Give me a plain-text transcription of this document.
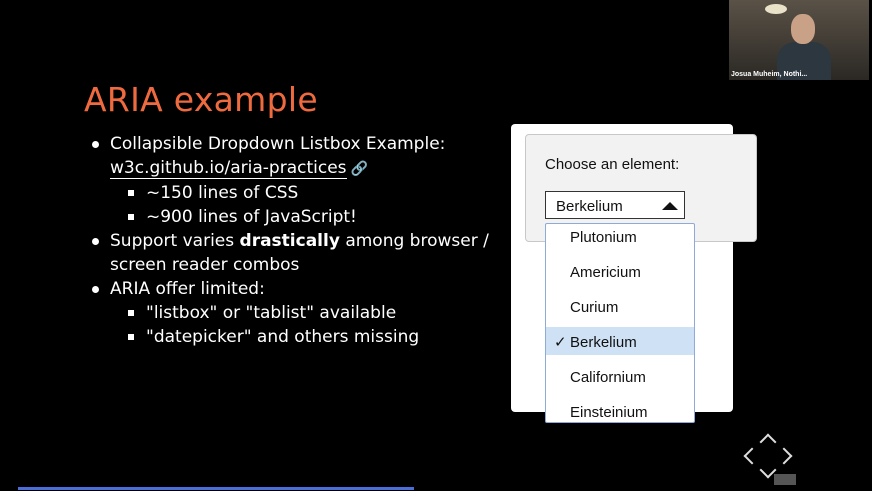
ARIA example
Collapsible Dropdown Listbox Example:
w3c.github.io/aria-practices 🔗
~150 lines of CSS
~900 lines of JavaScript!
Support varies drastically among browser / screen reader combos
ARIA offer limited:
"listbox" or "tablist" available
"datepicker" and others missing
Choose an element:
Berkelium
Plutonium
Americium
Curium
✓ Berkelium
Californium
Einsteinium
Josua Muheim, Nothi...
